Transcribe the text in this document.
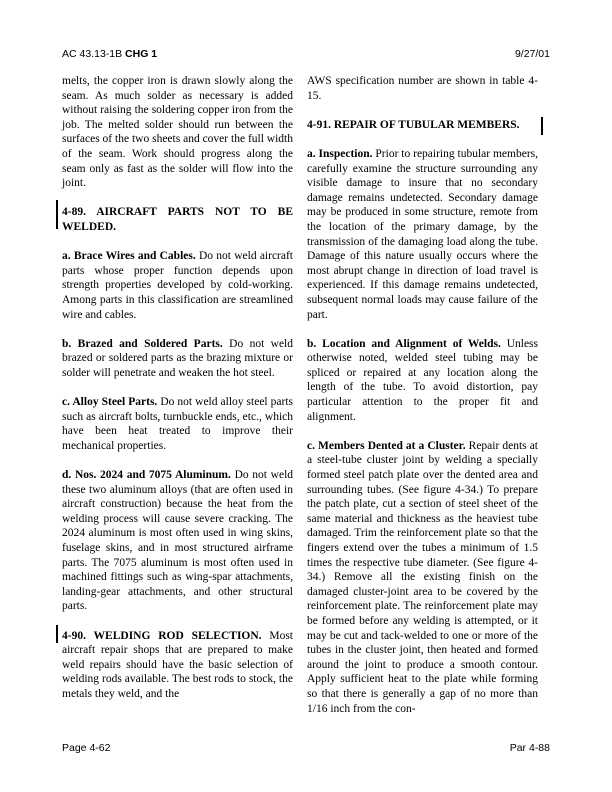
AC 43.13-1B CHG 1	9/27/01

melts, the copper iron is drawn slowly along the seam. As much solder as necessary is added without raising the soldering copper iron from the job. The melted solder should run between the surfaces of the two sheets and cover the full width of the seam. Work should progress along the seam only as fast as the solder will flow into the joint.

4-89. AIRCRAFT PARTS NOT TO BE WELDED.

a. Brace Wires and Cables. Do not weld aircraft parts whose proper function depends upon strength properties developed by cold-working. Among parts in this classification are streamlined wire and cables.

b. Brazed and Soldered Parts. Do not weld brazed or soldered parts as the brazing mixture or solder will penetrate and weaken the hot steel.

c. Alloy Steel Parts. Do not weld alloy steel parts such as aircraft bolts, turnbuckle ends, etc., which have been heat treated to improve their mechanical properties.

d. Nos. 2024 and 7075 Aluminum. Do not weld these two aluminum alloys (that are often used in aircraft construction) because the heat from the welding process will cause severe cracking. The 2024 aluminum is most often used in wing skins, fuselage skins, and in most structured airframe parts. The 7075 aluminum is most often used in machined fittings such as wing-spar attachments, landing-gear attachments, and other structural parts.

4-90. WELDING ROD SELECTION. Most aircraft repair shops that are prepared to make weld repairs should have the basic selection of welding rods available. The best rods to stock, the metals they weld, and the

AWS specification number are shown in table 4-15.

4-91. REPAIR OF TUBULAR MEMBERS.

a. Inspection. Prior to repairing tubular members, carefully examine the structure surrounding any visible damage to insure that no secondary damage remains undetected. Secondary damage may be produced in some structure, remote from the location of the primary damage, by the transmission of the damaging load along the tube. Damage of this nature usually occurs where the most abrupt change in direction of load travel is experienced. If this damage remains undetected, subsequent normal loads may cause failure of the part.

b. Location and Alignment of Welds. Unless otherwise noted, welded steel tubing may be spliced or repaired at any location along the length of the tube. To avoid distortion, pay particular attention to the proper fit and alignment.

c. Members Dented at a Cluster. Repair dents at a steel-tube cluster joint by welding a specially formed steel patch plate over the dented area and surrounding tubes. (See figure 4-34.) To prepare the patch plate, cut a section of steel sheet of the same material and thickness as the heaviest tube damaged. Trim the reinforcement plate so that the fingers extend over the tubes a minimum of 1.5 times the respective tube diameter. (See figure 4-34.) Remove all the existing finish on the damaged cluster-joint area to be covered by the reinforcement plate. The reinforcement plate may be formed before any welding is attempted, or it may be cut and tack-welded to one or more of the tubes in the cluster joint, then heated and formed around the joint to produce a smooth contour. Apply sufficient heat to the plate while forming so that there is generally a gap of no more than 1/16 inch from the con-

Page 4-62	Par 4-88
